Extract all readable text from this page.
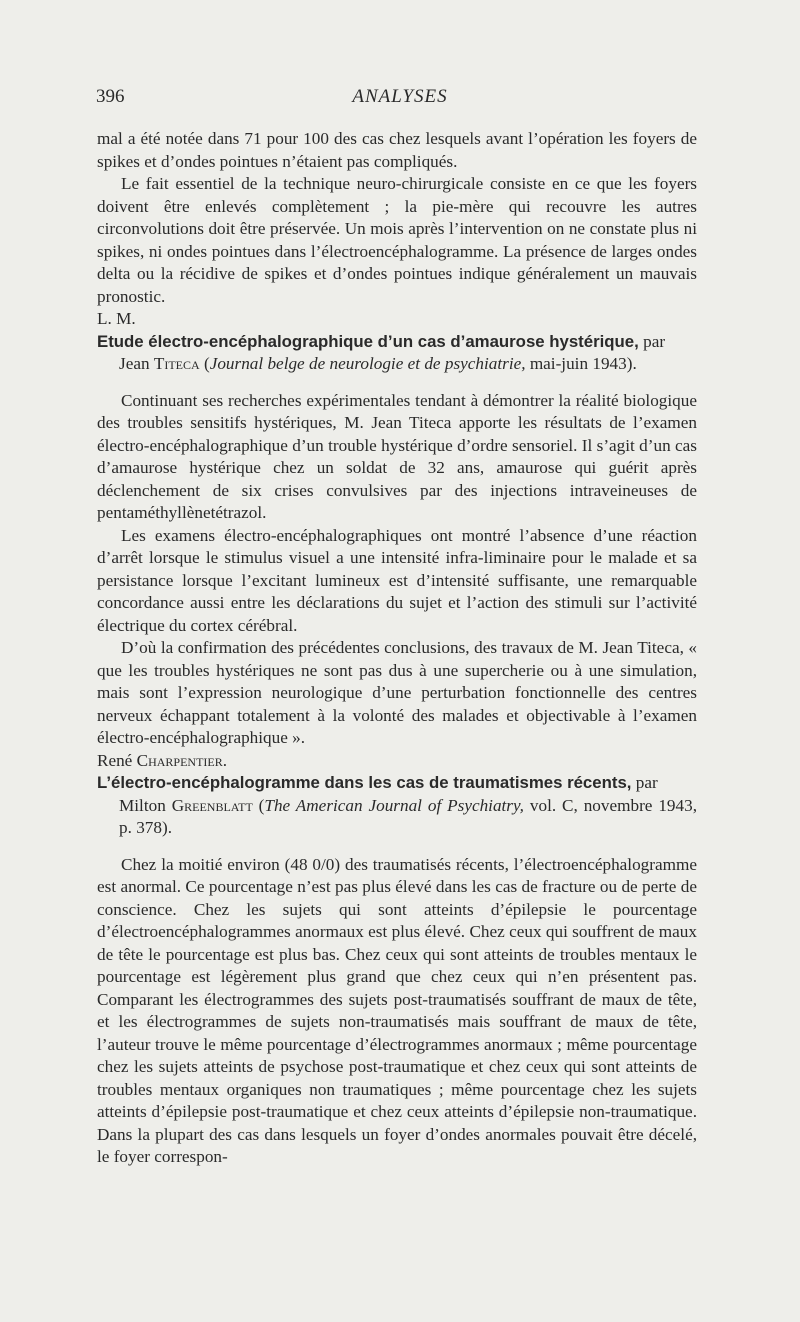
396	ANALYSES

mal a été notée dans 71 pour 100 des cas chez lesquels avant l’opération les foyers de spikes et d’ondes pointues n’étaient pas compliqués.

Le fait essentiel de la technique neuro-chirurgicale consiste en ce que les foyers doivent être enlevés complètement ; la pie-mère qui recouvre les autres circonvolutions doit être préservée. Un mois après l’intervention on ne constate plus ni spikes, ni ondes pointues dans l’électroencéphalogramme. La présence de larges ondes delta ou la récidive de spikes et d’ondes pointues indique généralement un mauvais pronostic.

L. M.

Etude électro-encéphalographique d’un cas d’amaurose hystérique, par
Jean Titeca (Journal belge de neurologie et de psychiatrie, mai-juin 1943).

Continuant ses recherches expérimentales tendant à démontrer la réalité biologique des troubles sensitifs hystériques, M. Jean Titeca apporte les résultats de l’examen électro-encéphalographique d’un trouble hystérique d’ordre sensoriel. Il s’agit d’un cas d’amaurose hystérique chez un soldat de 32 ans, amaurose qui guérit après déclenchement de six crises convulsives par des injections intraveineuses de pentaméthyllènetétrazol.

Les examens électro-encéphalographiques ont montré l’absence d’une réaction d’arrêt lorsque le stimulus visuel a une intensité infra-liminaire pour le malade et sa persistance lorsque l’excitant lumineux est d’intensité suffisante, une remarquable concordance aussi entre les déclarations du sujet et l’action des stimuli sur l’activité électrique du cortex cérébral.

D’où la confirmation des précédentes conclusions, des travaux de M. Jean Titeca, « que les troubles hystériques ne sont pas dus à une supercherie ou à une simulation, mais sont l’expression neurologique d’une perturbation fonctionnelle des centres nerveux échappant totalement à la volonté des malades et objectivable à l’examen électro-encéphalographique ».

René Charpentier.

L’électro-encéphalogramme dans les cas de traumatismes récents, par
Milton Greenblatt (The American Journal of Psychiatry, vol. C, novembre 1943, p. 378).

Chez la moitié environ (48 0/0) des traumatisés récents, l’électroencéphalogramme est anormal. Ce pourcentage n’est pas plus élevé dans les cas de fracture ou de perte de conscience. Chez les sujets qui sont atteints d’épilepsie le pourcentage d’électroencéphalogrammes anormaux est plus élevé. Chez ceux qui souffrent de maux de tête le pourcentage est plus bas. Chez ceux qui sont atteints de troubles mentaux le pourcentage est légèrement plus grand que chez ceux qui n’en présentent pas. Comparant les électrogrammes des sujets post-traumatisés souffrant de maux de tête, et les électrogrammes de sujets non-traumatisés mais souffrant de maux de tête, l’auteur trouve le même pourcentage d’électrogrammes anormaux ; même pourcentage chez les sujets atteints de psychose post-traumatique et chez ceux qui sont atteints de troubles mentaux organiques non traumatiques ; même pourcentage chez les sujets atteints d’épilepsie post-traumatique et chez ceux atteints d’épilepsie non-traumatique. Dans la plupart des cas dans lesquels un foyer d’ondes anormales pouvait être décelé, le foyer correspon-
